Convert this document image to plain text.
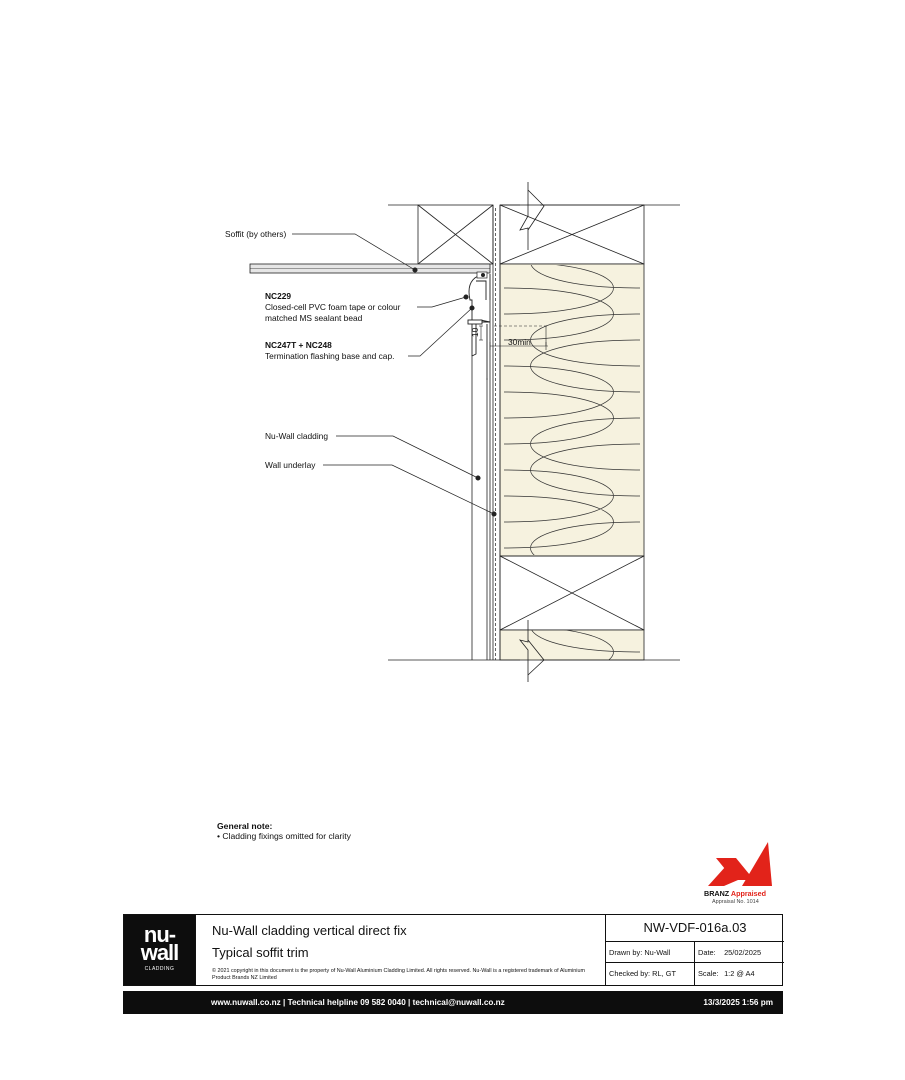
10
30min
Soffit (by others)
NC229
Closed-cell PVC foam tape or colour
matched MS sealant bead
NC247T + NC248
Termination flashing base and cap.
Nu-Wall cladding
Wall underlay
General note:
• Cladding fixings omitted for clarity
BRANZ Appraised
Appraisal No. 1014
nu-
wall
CLADDING
Nu-Wall cladding vertical direct fix
Typical soffit trim
© 2021 copyright in this document is the property of Nu-Wall Aluminium Cladding Limited. All rights reserved. Nu-Wall is a registered trademark of Aluminium Product Brands NZ Limited
NW-VDF-016a.03
Drawn by: Nu-Wall	Date: 25/02/2025
Checked by: RL, GT	Scale: 1:2 @ A4
www.nuwall.co.nz | Technical helpline 09 582 0040 | technical@nuwall.co.nz	13/3/2025 1:56 pm
